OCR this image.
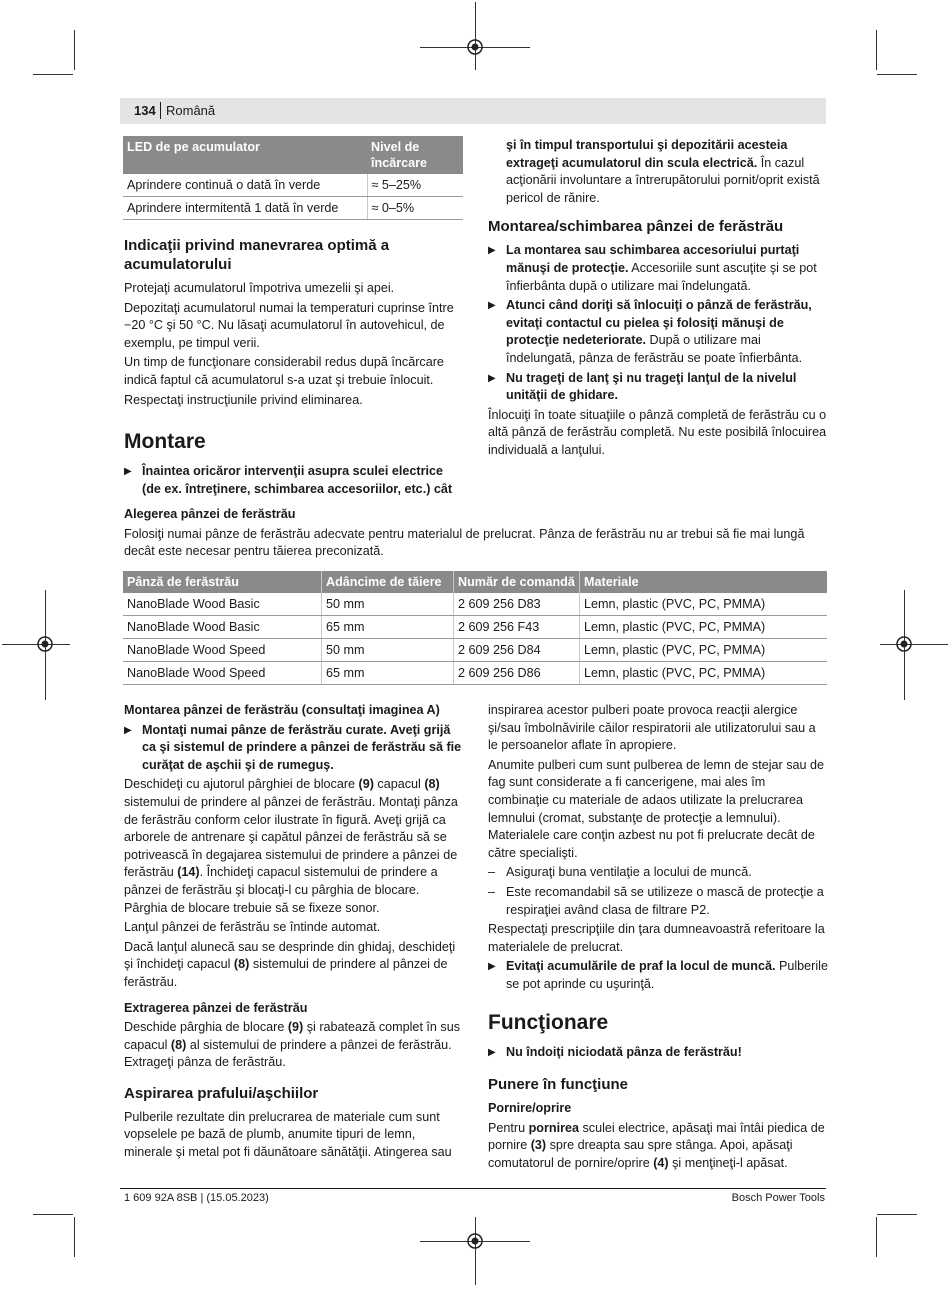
134 Română
LED de pe acumulator	Nivel de încărcare
Aprindere continuă o dată în verde	≈ 5–25%
Aprindere intermitentă 1 dată în verde	≈ 0–5%
Indicaţii privind manevrarea optimă a acumulatorului

Protejaţi acumulatorul împotriva umezelii şi apei.

Depozitaţi acumulatorul numai la temperaturi cuprinse între −20 °C şi 50 °C. Nu lăsaţi acumulatorul în autovehicul, de exemplu, pe timpul verii.

Un timp de funcţionare considerabil redus după încărcare indică faptul că acumulatorul s-a uzat şi trebuie înlocuit.

Respectaţi instrucţiunile privind eliminarea.

Montare

▶ Înaintea oricăror intervenţii asupra sculei electrice (de ex. întreţinere, schimbarea accesoriilor, etc.) cât

şi în timpul transportului şi depozitării acesteia extrageţi acumulatorul din scula electrică. În cazul acţionării involuntare a întrerupătorului pornit/oprit există pericol de rănire.

Montarea/schimbarea pânzei de ferăstrău

▶ La montarea sau schimbarea accesoriului purtaţi mănuşi de protecţie. Accesoriile sunt ascuţite şi se pot înfierbânta după o utilizare mai îndelungată.

▶ Atunci când doriţi să înlocuiţi o pânză de ferăstrău, evitaţi contactul cu pielea şi folosiţi mănuşi de protecţie nedeteriorate. După o utilizare mai îndelungată, pânza de ferăstrău se poate înfierbânta.

▶ Nu trageţi de lanţ şi nu trageţi lanţul de la nivelul unităţii de ghidare.

Înlocuiţi în toate situaţiile o pânză completă de ferăstrău cu o altă pânză de ferăstrău completă. Nu este posibilă înlocuirea individuală a lanţului.

Alegerea pânzei de ferăstrău

Folosiţi numai pânze de ferăstrău adecvate pentru materialul de prelucrat. Pânza de ferăstrău nu ar trebui să fie mai lungă decât este necesar pentru tăierea preconizată.

Pânză de ferăstrău	Adâncime de tăiere	Număr de comandă	Materiale
NanoBlade Wood Basic	50 mm	2 609 256 D83	Lemn, plastic (PVC, PC, PMMA)
NanoBlade Wood Basic	65 mm	2 609 256 F43	Lemn, plastic (PVC, PC, PMMA)
NanoBlade Wood Speed	50 mm	2 609 256 D84	Lemn, plastic (PVC, PC, PMMA)
NanoBlade Wood Speed	65 mm	2 609 256 D86	Lemn, plastic (PVC, PC, PMMA)

Montarea pânzei de ferăstrău (consultaţi imaginea A)

▶ Montaţi numai pânze de ferăstrău curate. Aveţi grijă ca şi sistemul de prindere a pânzei de ferăstrău să fie curăţat de aşchii şi de rumeguş.

Deschideţi cu ajutorul pârghiei de blocare (9) capacul (8) sistemului de prindere al pânzei de ferăstrău. Montaţi pânza de ferăstrău conform celor ilustrate în figură. Aveţi grijă ca arborele de antrenare şi capătul pânzei de ferăstrău să se potrivească în degajarea sistemului de prindere a pânzei de ferăstrău (14). Închideţi capacul sistemului de prindere a pânzei de ferăstrău şi blocaţi-l cu pârghia de blocare. Pârghia de blocare trebuie să se fixeze sonor.

Lanţul pânzei de ferăstrău se întinde automat.

Dacă lanţul alunecă sau se desprinde din ghidaj, deschideţi şi închideţi capacul (8) sistemului de prindere al pânzei de ferăstrău.

Extragerea pânzei de ferăstrău

Deschide pârghia de blocare (9) şi rabatează complet în sus capacul (8) al sistemului de prindere a pânzei de ferăstrău. Extrageţi pânza de ferăstrău.

Aspirarea prafului/aşchiilor

Pulberile rezultate din prelucrarea de materiale cum sunt vopselele pe bază de plumb, anumite tipuri de lemn, minerale şi metal pot fi dăunătoare sănătăţii. Atingerea sau

inspirarea acestor pulberi poate provoca reacţii alergice şi/sau îmbolnăvirile căilor respiratorii ale utilizatorului sau a le persoanelor aflate în apropiere.

Anumite pulberi cum sunt pulberea de lemn de stejar sau de fag sunt considerate a fi cancerigene, mai ales îm combinaţie cu materiale de adaos utilizate la prelucrarea lemnului (cromat, substanţe de protecţie a lemnului). Materialele care conţin azbest nu pot fi prelucrate decât de către specialişti.

– Asiguraţi buna ventilaţie a locului de muncă.

– Este recomandabil să se utilizeze o mască de protecţie a respiraţiei având clasa de filtrare P2.

Respectaţi prescripţiile din ţara dumneavoastră referitoare la materialele de prelucrat.

▶ Evitaţi acumulările de praf la locul de muncă. Pulberile se pot aprinde cu uşurinţă.

Funcţionare

▶ Nu îndoiţi niciodată pânza de ferăstrău!

Punere în funcţiune
Pornire/oprire

Pentru pornirea sculei electrice, apăsaţi mai întâi piedica de pornire (3) spre dreapta sau spre stânga. Apoi, apăsaţi comutatorul de pornire/oprire (4) şi menţineţi-l apăsat.

1 609 92A 8SB | (15.05.2023)	Bosch Power Tools
